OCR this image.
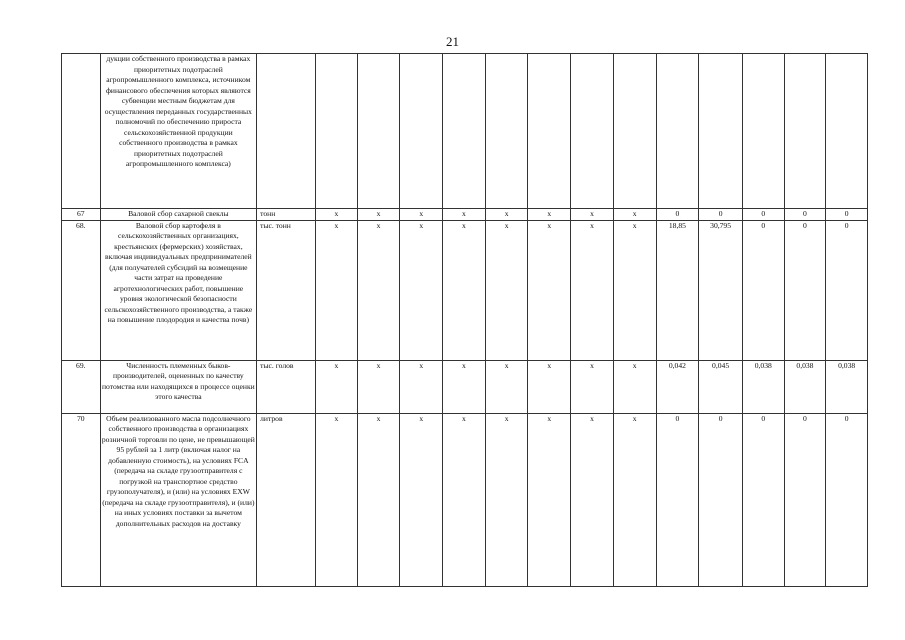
21
	дукции собственного производства в рамках приоритетных подотраслей агропромышленного комплекса, источником финансового обеспечения которых являются субвенции местным бюджетам для осуществления переданных государственных полномочий по обеспечению прироста сельскохозяйственной продукции собственного производства в рамках приоритетных подотраслей агропромышленного комплекса)														
67	Валовой сбор сахарной свеклы	тонн	х	х	х	х	х	х	х	х	0	0	0	0	0
68.	Валовой сбор картофеля в сельскохозяйственных организациях, крестьянских (фермерских) хозяйствах, включая индивидуальных предпринимателей (для получателей субсидий на возмещение части затрат на проведение агротехнологических работ, повышение уровня экологической безопасности сельскохозяйственного производства, а также на повышение плодородия и качества почв)	тыс. тонн	х	х	х	х	х	х	х	х	18,85	30,795	0	0	0
69.	Численность племенных быков-производителей, оцененных по качеству потомства или находящихся в процессе оценки этого качества	тыс. голов	х	х	х	х	х	х	х	х	0,042	0,045	0,038	0,038	0,038
70	Объем реализованного масла подсолнечного собственного производства в организациях розничной торговли по цене, не превышающей 95 рублей за 1 литр (включая налог на добавленную стоимость), на условиях FCA (передача на складе грузоотправителя с погрузкой на транспортное средство грузополучателя), и (или) на условиях EXW (передача на складе грузоотправителя), и (или) на иных условиях поставки за вычетом дополнительных расходов на доставку	литров	х	х	х	х	х	х	х	х	0	0	0	0	0
